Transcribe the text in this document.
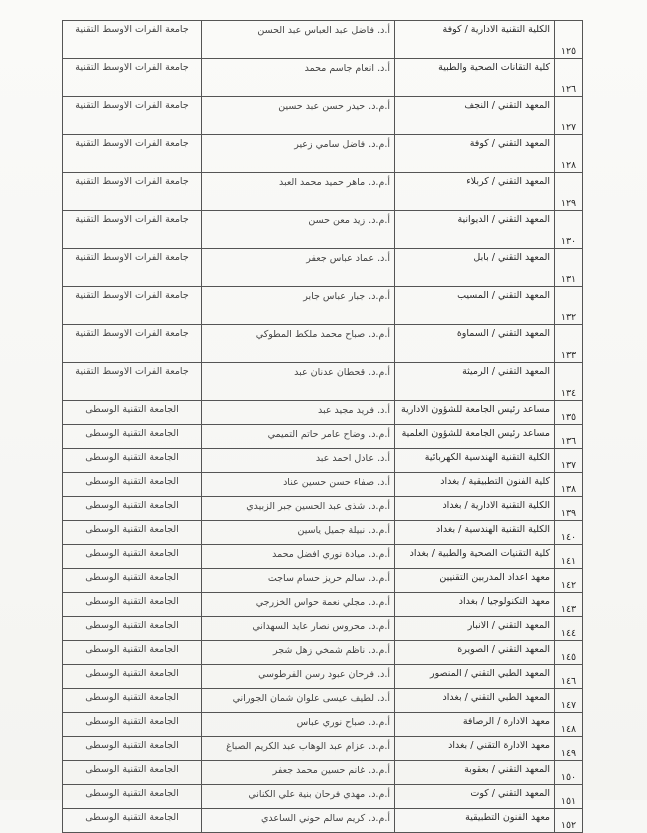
١٢٥	الكلية التقنية الادارية / كوفة	أ.د. فاضل عبد العباس عبد الحسن	جامعة الفرات الاوسط التقنية
١٢٦	كلية التقانات الصحية والطبية	أ.د. انعام جاسم محمد	جامعة الفرات الاوسط التقنية
١٢٧	المعهد التقني / النجف	أ.م.د. حيدر حسن عبد حسين	جامعة الفرات الاوسط التقنية
١٢٨	المعهد التقني / كوفة	أ.م.د. فاضل سامي زعير	جامعة الفرات الاوسط التقنية
١٢٩	المعهد التقني / كربلاء	أ.م.د. ماهر حميد محمد العبد	جامعة الفرات الاوسط التقنية
١٣٠	المعهد التقني / الديوانية	أ.م.د. زيد معن حسن	جامعة الفرات الاوسط التقنية
١٣١	المعهد التقني / بابل	أ.د. عماد عباس جعفر	جامعة الفرات الاوسط التقنية
١٣٢	المعهد التقني / المسيب	أ.م.د. جبار عباس جابر	جامعة الفرات الاوسط التقنية
١٣٣	المعهد التقني / السماوة	أ.م.د. صباح محمد ملكط المطوكي	جامعة الفرات الاوسط التقنية
١٣٤	المعهد التقني / الرميثة	أ.م.د. قحطان عدنان عبد	جامعة الفرات الاوسط التقنية
١٣٥	مساعد رئيس الجامعة للشؤون الادارية	أ.د. فريد مجيد عبد	الجامعة التقنية الوسطى
١٣٦	مساعد رئيس الجامعة للشؤون العلمية	أ.م.د. وضاح عامر حاتم التميمي	الجامعة التقنية الوسطى
١٣٧	الكلية التقنية الهندسية الكهربائية	أ.د. عادل احمد عبد	الجامعة التقنية الوسطى
١٣٨	كلية الفنون التطبيقية / بغداد	أ.د. صفاء حسن حسين عناد	الجامعة التقنية الوسطى
١٣٩	الكلية التقنية الادارية / بغداد	أ.م.د. شذى عبد الحسين جبر الزبيدي	الجامعة التقنية الوسطى
١٤٠	الكلية التقنية الهندسية / بغداد	أ.م.د. نبيلة جميل ياسين	الجامعة التقنية الوسطى
١٤١	كلية التقنيات الصحية والطبية / بغداد	أ.م.د. ميادة نوري افضل محمد	الجامعة التقنية الوسطى
١٤٢	معهد اعداد المدربين التقنيين	أ.م.د. سالم حريز حسام ساجت	الجامعة التقنية الوسطى
١٤٣	معهد التكنولوجيا / بغداد	أ.م.د. مجلي نعمة حواس الخزرجي	الجامعة التقنية الوسطى
١٤٤	المعهد التقني / الانبار	أ.م.د. محروس نصار عايد السهداني	الجامعة التقنية الوسطى
١٤٥	المعهد التقني / الصويرة	أ.م.د. ناظم شمخي زهل شجر	الجامعة التقنية الوسطى
١٤٦	المعهد الطبي التقني / المنصور	أ.د. فرحان عبود رسن الفرطوسي	الجامعة التقنية الوسطى
١٤٧	المعهد الطبي التقني / بغداد	أ.د. لطيف عيسى علوان شمان الجوراني	الجامعة التقنية الوسطى
١٤٨	معهد الادارة / الرصافة	أ.م.د. صباح نوري عباس	الجامعة التقنية الوسطى
١٤٩	معهد الادارة التقني / بغداد	أ.م.د. عزام عبد الوهاب عبد الكريم الصباغ	الجامعة التقنية الوسطى
١٥٠	المعهد التقني / بعقوبة	أ.م.د. غانم حسين محمد جعفر	الجامعة التقنية الوسطى
١٥١	المعهد التقني / كوت	أ.م.د. مهدي فرحان بنية علي الكناني	الجامعة التقنية الوسطى
١٥٢	معهد الفنون التطبيقية	أ.م.د. كريم سالم حوني الساعدي	الجامعة التقنية الوسطى
